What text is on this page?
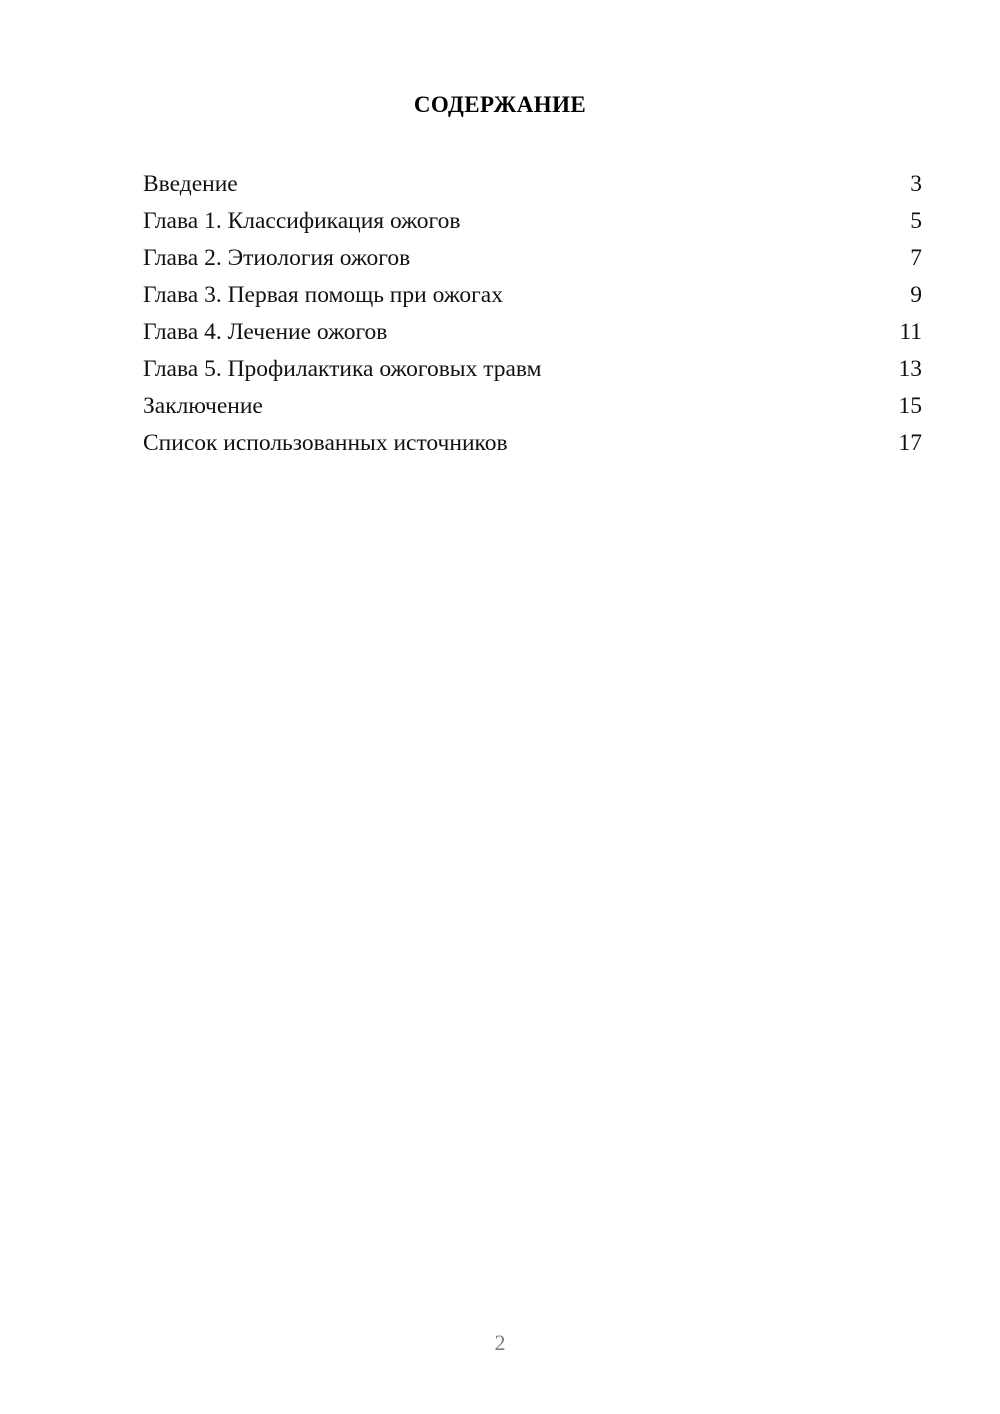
СОДЕРЖАНИЕ
Введение	3
Глава 1. Классификация ожогов	5
Глава 2. Этиология ожогов	7
Глава 3. Первая помощь при ожогах	9
Глава 4. Лечение ожогов	11
Глава 5. Профилактика ожоговых травм	13
Заключение	15
Список использованных источников	17
2
